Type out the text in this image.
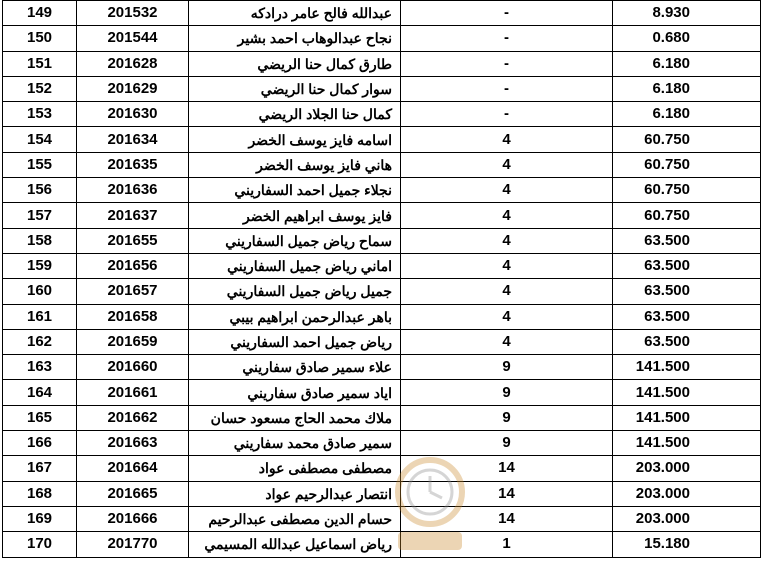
149	201532	عبدالله فالح عامر درادكه	-	8.930
150	201544	نجاح عبدالوهاب احمد بشير	-	0.680
151	201628	طارق كمال حنا الريضي	-	6.180
152	201629	سوار كمال حنا الريضي	-	6.180
153	201630	كمال حنا الجلاد الريضي	-	6.180
154	201634	اسامه فايز يوسف الخضر	4	60.750
155	201635	هاني فايز يوسف الخضر	4	60.750
156	201636	نجلاء جميل احمد السفاريني	4	60.750
157	201637	فايز يوسف ابراهيم الخضر	4	60.750
158	201655	سماح رياض جميل السفاريني	4	63.500
159	201656	اماني رياض جميل السفاريني	4	63.500
160	201657	جميل رياض جميل السفاريني	4	63.500
161	201658	باهر عبدالرحمن ابراهيم بيبي	4	63.500
162	201659	رياض جميل احمد السفاريني	4	63.500
163	201660	علاء سمير صادق سفاريني	9	141.500
164	201661	اياد سمير صادق سفاريني	9	141.500
165	201662	ملاك محمد الحاج مسعود حسان	9	141.500
166	201663	سمير صادق محمد سفاريني	9	141.500
167	201664	مصطفى مصطفى عواد	14	203.000
168	201665	انتصار عبدالرحيم عواد	14	203.000
169	201666	حسام الدين مصطفى عبدالرحيم	14	203.000
170	201770	رياض اسماعيل عبدالله المسيمي	1	15.180
